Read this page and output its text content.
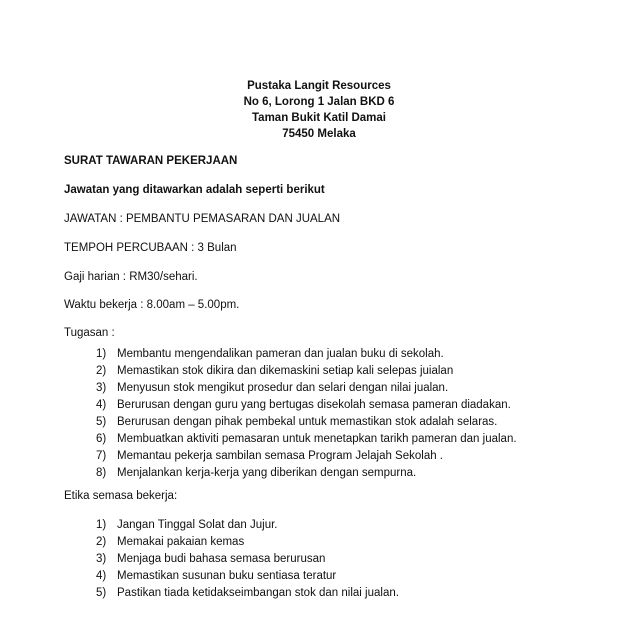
Pustaka Langit Resources
No 6, Lorong 1 Jalan BKD 6
Taman Bukit Katil Damai
75450 Melaka
SURAT TAWARAN PEKERJAAN
Jawatan yang ditawarkan adalah seperti berikut
JAWATAN : PEMBANTU PEMASARAN DAN JUALAN
TEMPOH PERCUBAAN : 3 Bulan
Gaji harian : RM30/sehari.
Waktu bekerja : 8.00am – 5.00pm.
Tugasan :
1) Membantu mengendalikan pameran dan jualan buku di sekolah.
2) Memastikan stok dikira dan dikemaskini setiap kali selepas juialan
3) Menyusun stok mengikut prosedur dan selari dengan nilai jualan.
4) Berurusan dengan guru yang bertugas disekolah semasa pameran diadakan.
5) Berurusan dengan pihak pembekal untuk memastikan stok adalah selaras.
6) Membuatkan aktiviti pemasaran untuk menetapkan tarikh pameran dan jualan.
7) Memantau pekerja sambilan semasa Program Jelajah Sekolah .
8) Menjalankan kerja-kerja yang diberikan dengan sempurna.
Etika semasa bekerja:
1) Jangan Tinggal Solat dan Jujur.
2) Memakai pakaian kemas
3) Menjaga budi bahasa semasa berurusan
4) Memastikan susunan buku sentiasa teratur
5) Pastikan tiada ketidakseimbangan stok dan nilai jualan.
